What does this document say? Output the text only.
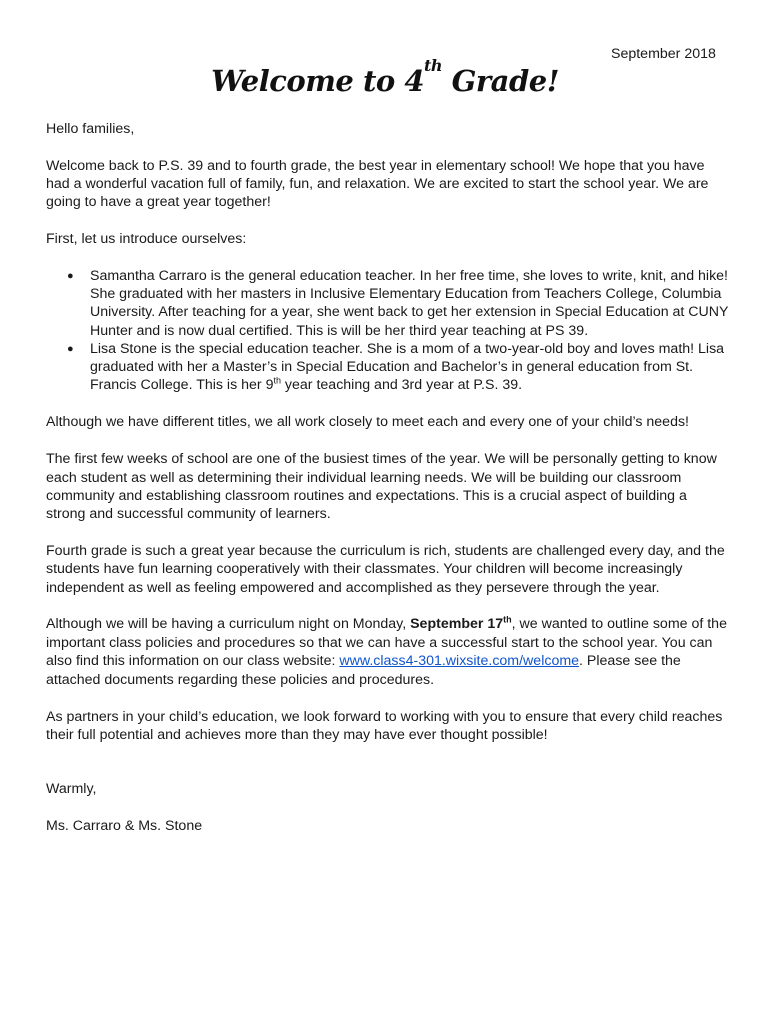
September 2018
Welcome to 4th Grade!

Hello families,

Welcome back to P.S. 39 and to fourth grade, the best year in elementary school! We hope that you have had a wonderful vacation full of family, fun, and relaxation. We are excited to start the school year. We are going to have a great year together!

First, let us introduce ourselves:

● Samantha Carraro is the general education teacher. In her free time, she loves to write, knit, and hike! She graduated with her masters in Inclusive Elementary Education from Teachers College, Columbia University. After teaching for a year, she went back to get her extension in Special Education at CUNY Hunter and is now dual certified. This is will be her third year teaching at PS 39.
● Lisa Stone is the special education teacher. She is a mom of a two-year-old boy and loves math! Lisa graduated with her a Master’s in Special Education and Bachelor’s in general education from St. Francis College. This is her 9th year teaching and 3rd year at P.S. 39.

Although we have different titles, we all work closely to meet each and every one of your child’s needs!

The first few weeks of school are one of the busiest times of the year. We will be personally getting to know each student as well as determining their individual learning needs. We will be building our classroom community and establishing classroom routines and expectations. This is a crucial aspect of building a strong and successful community of learners.

Fourth grade is such a great year because the curriculum is rich, students are challenged every day, and the students have fun learning cooperatively with their classmates. Your children will become increasingly independent as well as feeling empowered and accomplished as they persevere through the year.

Although we will be having a curriculum night on Monday, September 17th, we wanted to outline some of the important class policies and procedures so that we can have a successful start to the school year. You can also find this information on our class website: www.class4-301.wixsite.com/welcome. Please see the attached documents regarding these policies and procedures.

As partners in your child’s education, we look forward to working with you to ensure that every child reaches their full potential and achieves more than they may have ever thought possible!

Warmly,

Ms. Carraro & Ms. Stone
